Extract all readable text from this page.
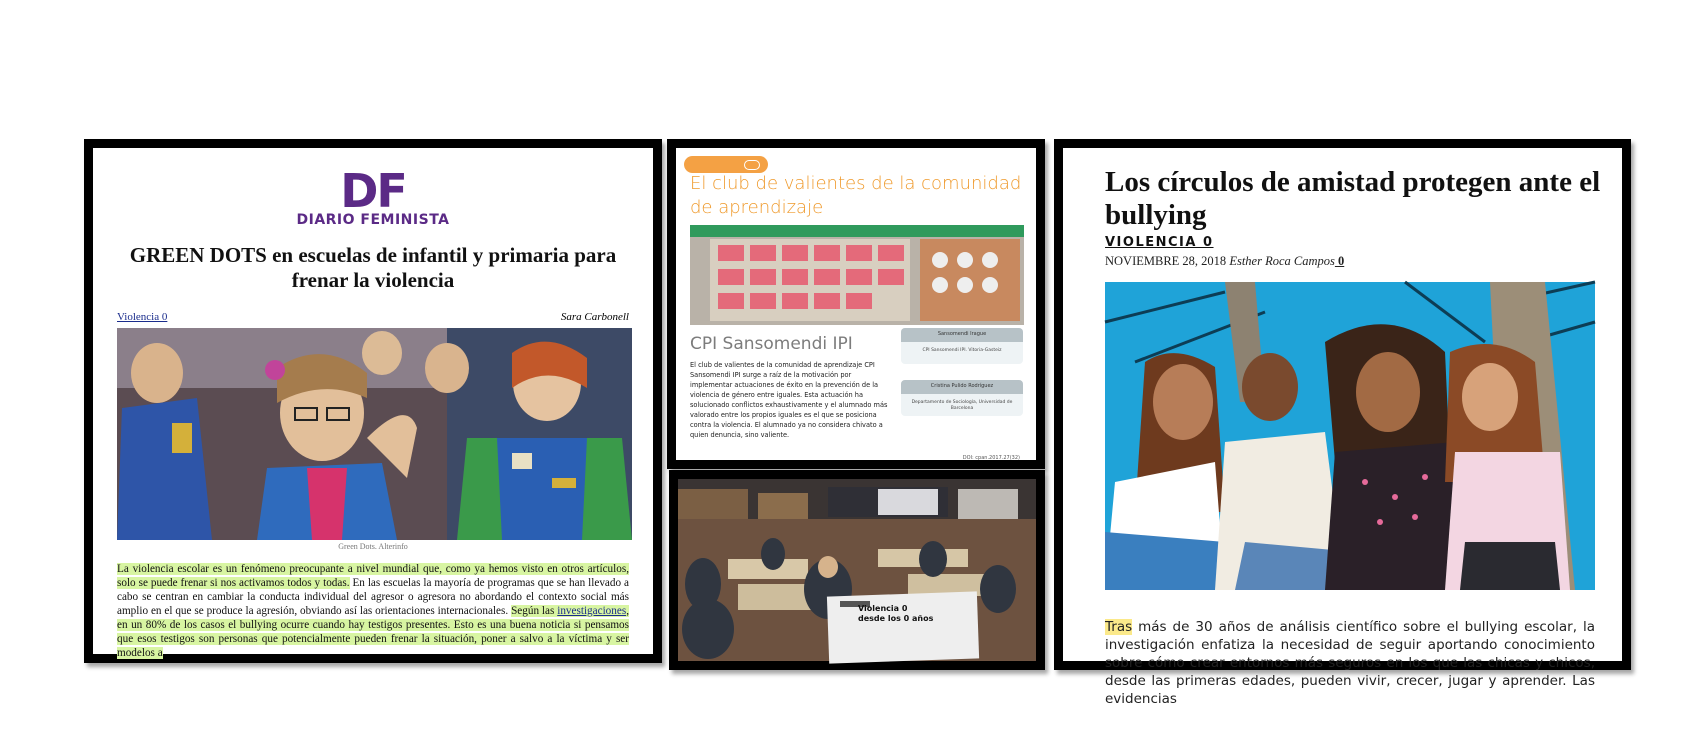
DF
DIARIO FEMINISTA
GREEN DOTS en escuelas de infantil y primaria para frenar la violencia
Violencia 0	Sara Carbonell
Green Dots. Alterinfo
La violencia escolar es un fenómeno preocupante a nivel mundial que, como ya hemos visto en otros artículos, solo se puede frenar si nos activamos todos y todas. En las escuelas la mayoría de programas que se han llevado a cabo se centran en cambiar la conducta individual del agresor o agresora no abordando el contexto social más amplio en el que se produce la agresión, obviando así las orientaciones internacionales. Según las investigaciones, en un 80% de los casos el bullying ocurre cuando hay testigos presentes. Esto es una buena noticia si pensamos que esos testigos son personas que potencialmente pueden frenar la situación, poner a salvo a la víctima y ser modelos a
El club de valientes de la comunidad de aprendizaje
CPI Sansomendi IPI
El club de valientes de la comunidad de aprendizaje CPI Sansomendi IPI surge a raíz de la motivación por implementar actuaciones de éxito en la prevención de la violencia de género entre iguales. Esta actuación ha solucionado conflictos exhaustivamente y el alumnado más valorado entre los propios iguales es el que se posiciona contra la violencia. El alumnado ya no considera chivato a quien denuncia, sino valiente.
Sansomendi Irague
CPI Sansomendi IPI. Vitoria-Gasteiz
Cristina Pulido Rodríguez
Departamento de Sociología, Universidad de Barcelona
DOI: cpan.2017.27(32)
Violencia 0
desde los 0 años
Los círculos de amistad protegen ante el bullying
VIOLENCIA 0
NOVIEMBRE 28, 2018 Esther Roca Campos 0
Tras más de 30 años de análisis científico sobre el bullying escolar, la investigación enfatiza la necesidad de seguir aportando conocimiento sobre cómo crear entornos más seguros en los que las chicas y chicos, desde las primeras edades, pueden vivir, crecer, jugar y aprender. Las evidencias
